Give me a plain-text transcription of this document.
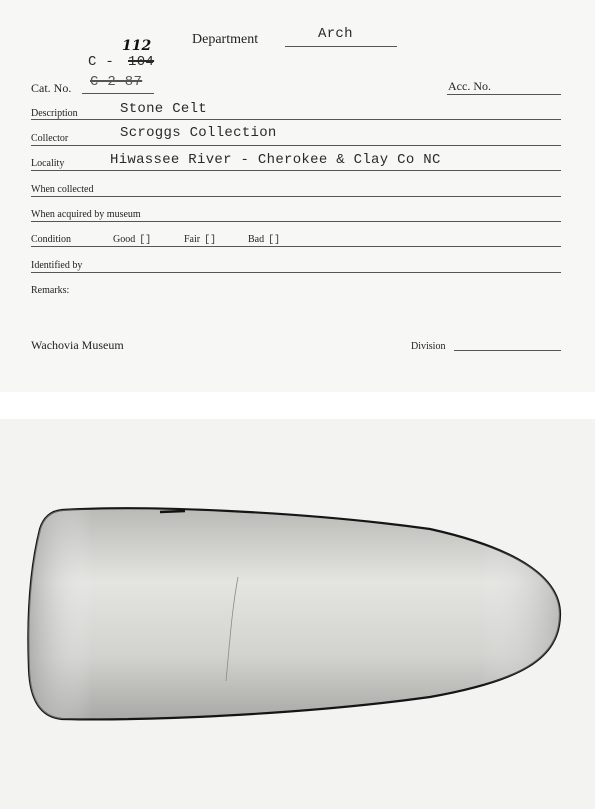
Department	Arch
112
C - 104
C-2-87
Cat. No.	Acc. No.
Description	Stone Celt
Collector	Scroggs Collection
Locality	Hiwassee River - Cherokee & Clay Co NC
When collected
When acquired by museum
Condition	Good []	Fair []	Bad []
Identified by
Remarks:
Wachovia Museum	Division
